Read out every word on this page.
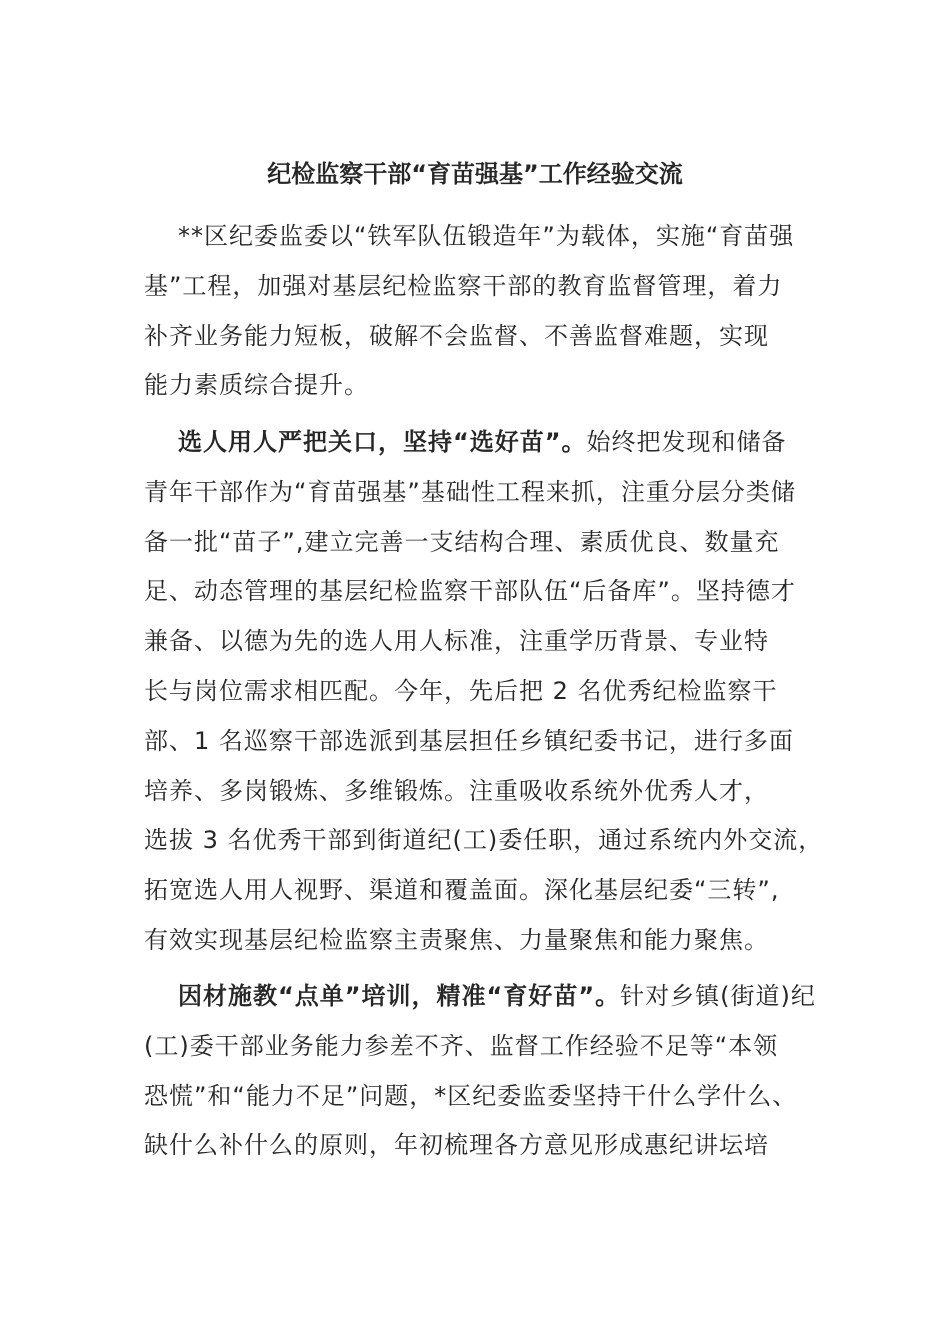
纪检监察干部“育苗强基”工作经验交流
**区纪委监委以“铁军队伍锻造年”为载体，实施“育苗强
基”工程，加强对基层纪检监察干部的教育监督管理，着力
补齐业务能力短板，破解不会监督、不善监督难题，实现
能力素质综合提升。
选人用人严把关口，坚持“选好苗”。始终把发现和储备
青年干部作为“育苗强基”基础性工程来抓，注重分层分类储
备一批“苗子”,建立完善一支结构合理、素质优良、数量充
足、动态管理的基层纪检监察干部队伍“后备库”。坚持德才
兼备、以德为先的选人用人标准，注重学历背景、专业特
长与岗位需求相匹配。今年，先后把 2 名优秀纪检监察干
部、1 名巡察干部选派到基层担任乡镇纪委书记，进行多面
培养、多岗锻炼、多维锻炼。注重吸收系统外优秀人才，
选拔 3 名优秀干部到街道纪(工)委任职，通过系统内外交流，
拓宽选人用人视野、渠道和覆盖面。深化基层纪委“三转”,
有效实现基层纪检监察主责聚焦、力量聚焦和能力聚焦。
因材施教“点单”培训，精准“育好苗”。针对乡镇(街道)纪
(工)委干部业务能力参差不齐、监督工作经验不足等“本领
恐慌”和“能力不足”问题，*区纪委监委坚持干什么学什么、
缺什么补什么的原则，年初梳理各方意见形成惠纪讲坛培
